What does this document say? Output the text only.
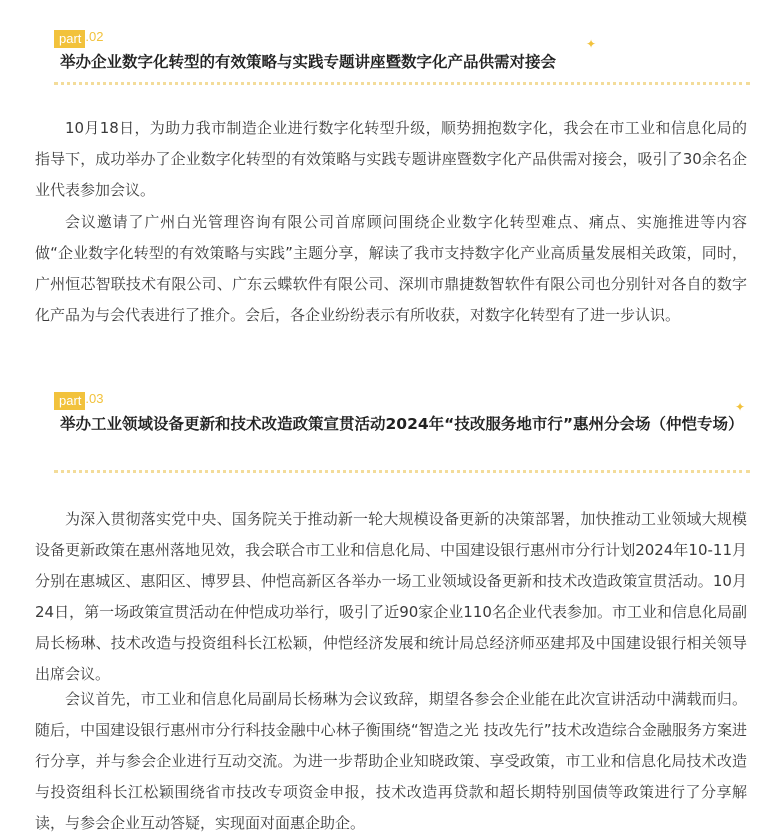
part .02	✦
举办企业数字化转型的有效策略与实践专题讲座暨数字化产品供需对接会

10月18日，为助力我市制造企业进行数字化转型升级，顺势拥抱数字化，我会在市工业和信息化局的指导下，成功举办了企业数字化转型的有效策略与实践专题讲座暨数字化产品供需对接会，吸引了30余名企业代表参加会议。

会议邀请了广州白光管理咨询有限公司首席顾问围绕企业数字化转型难点、痛点、实施推进等内容做“企业数字化转型的有效策略与实践”主题分享，解读了我市支持数字化产业高质量发展相关政策，同时，广州恒芯智联技术有限公司、广东云蝶软件有限公司、深圳市鼎捷数智软件有限公司也分别针对各自的数字化产品为与会代表进行了推介。会后，各企业纷纷表示有所收获，对数字化转型有了进一步认识。

part .03
✦
举办工业领域设备更新和技术改造政策宣贯活动2024年“技改服务地市行”惠州分会场（仲恺专场）

为深入贯彻落实党中央、国务院关于推动新一轮大规模设备更新的决策部署，加快推动工业领域大规模设备更新政策在惠州落地见效，我会联合市工业和信息化局、中国建设银行惠州市分行计划2024年10-11月分别在惠城区、惠阳区、博罗县、仲恺高新区各举办一场工业领域设备更新和技术改造政策宣贯活动。10月24日，第一场政策宣贯活动在仲恺成功举行，吸引了近90家企业110名企业代表参加。市工业和信息化局副局长杨琳、技术改造与投资组科长江松颖，仲恺经济发展和统计局总经济师巫建邦及中国建设银行相关领导出席会议。

会议首先，市工业和信息化局副局长杨琳为会议致辞，期望各参会企业能在此次宣讲活动中满载而归。随后，中国建设银行惠州市分行科技金融中心林子衡围绕“智造之光 技改先行”技术改造综合金融服务方案进行分享，并与参会企业进行互动交流。为进一步帮助企业知晓政策、享受政策，市工业和信息化局技术改造与投资组科长江松颖围绕省市技改专项资金申报，技术改造再贷款和超长期特别国债等政策进行了分享解读，与参会企业互动答疑，实现面对面惠企助企。
